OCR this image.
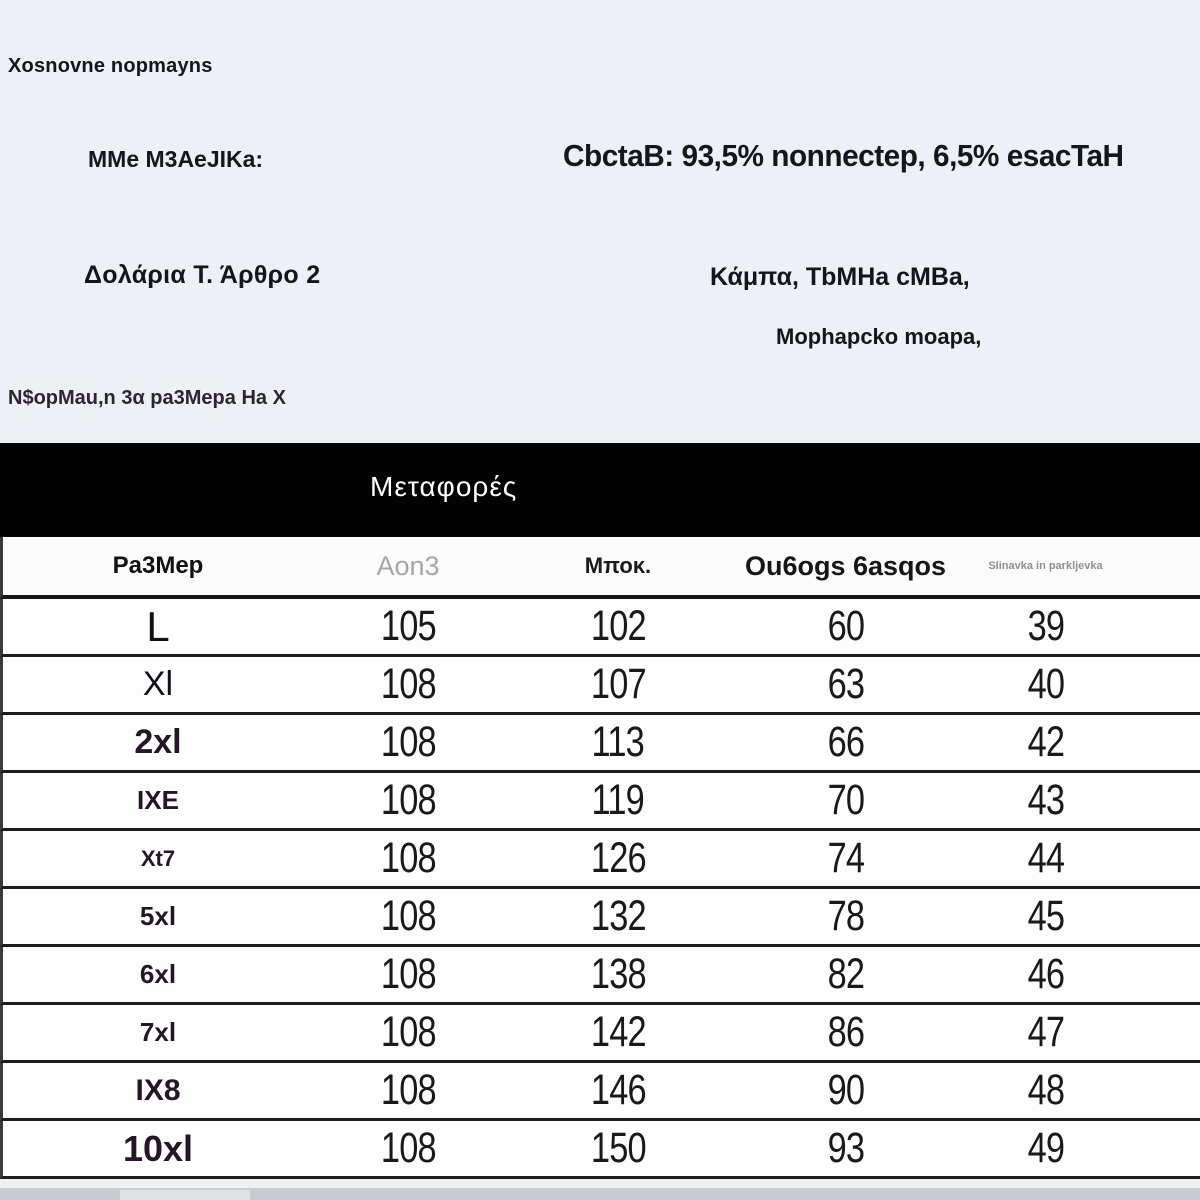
Xosnovne nopmayns
MMe M3AeJIKa:	CbctaB: 93,5% nonnectep, 6,5% esacTaH
Δολάρια Τ. Άρθρο 2	Κάμπα, TbMHa cMBa,
Mophapcko moapa,
N$opMau,n 3α pa3Mepa Ha X
Μεταφορές
Pa3Mep	Aon3	Μποκ.	Ou6ogs 6asqos	Slinavka in parkljevka
L	105	102	60	39
Xl	108	107	63	40
2xl	108	113	66	42
IXE	108	119	70	43
Xt7	108	126	74	44
5xl	108	132	78	45
6xl	108	138	82	46
7xl	108	142	86	47
IX8	108	146	90	48
10xl	108	150	93	49
